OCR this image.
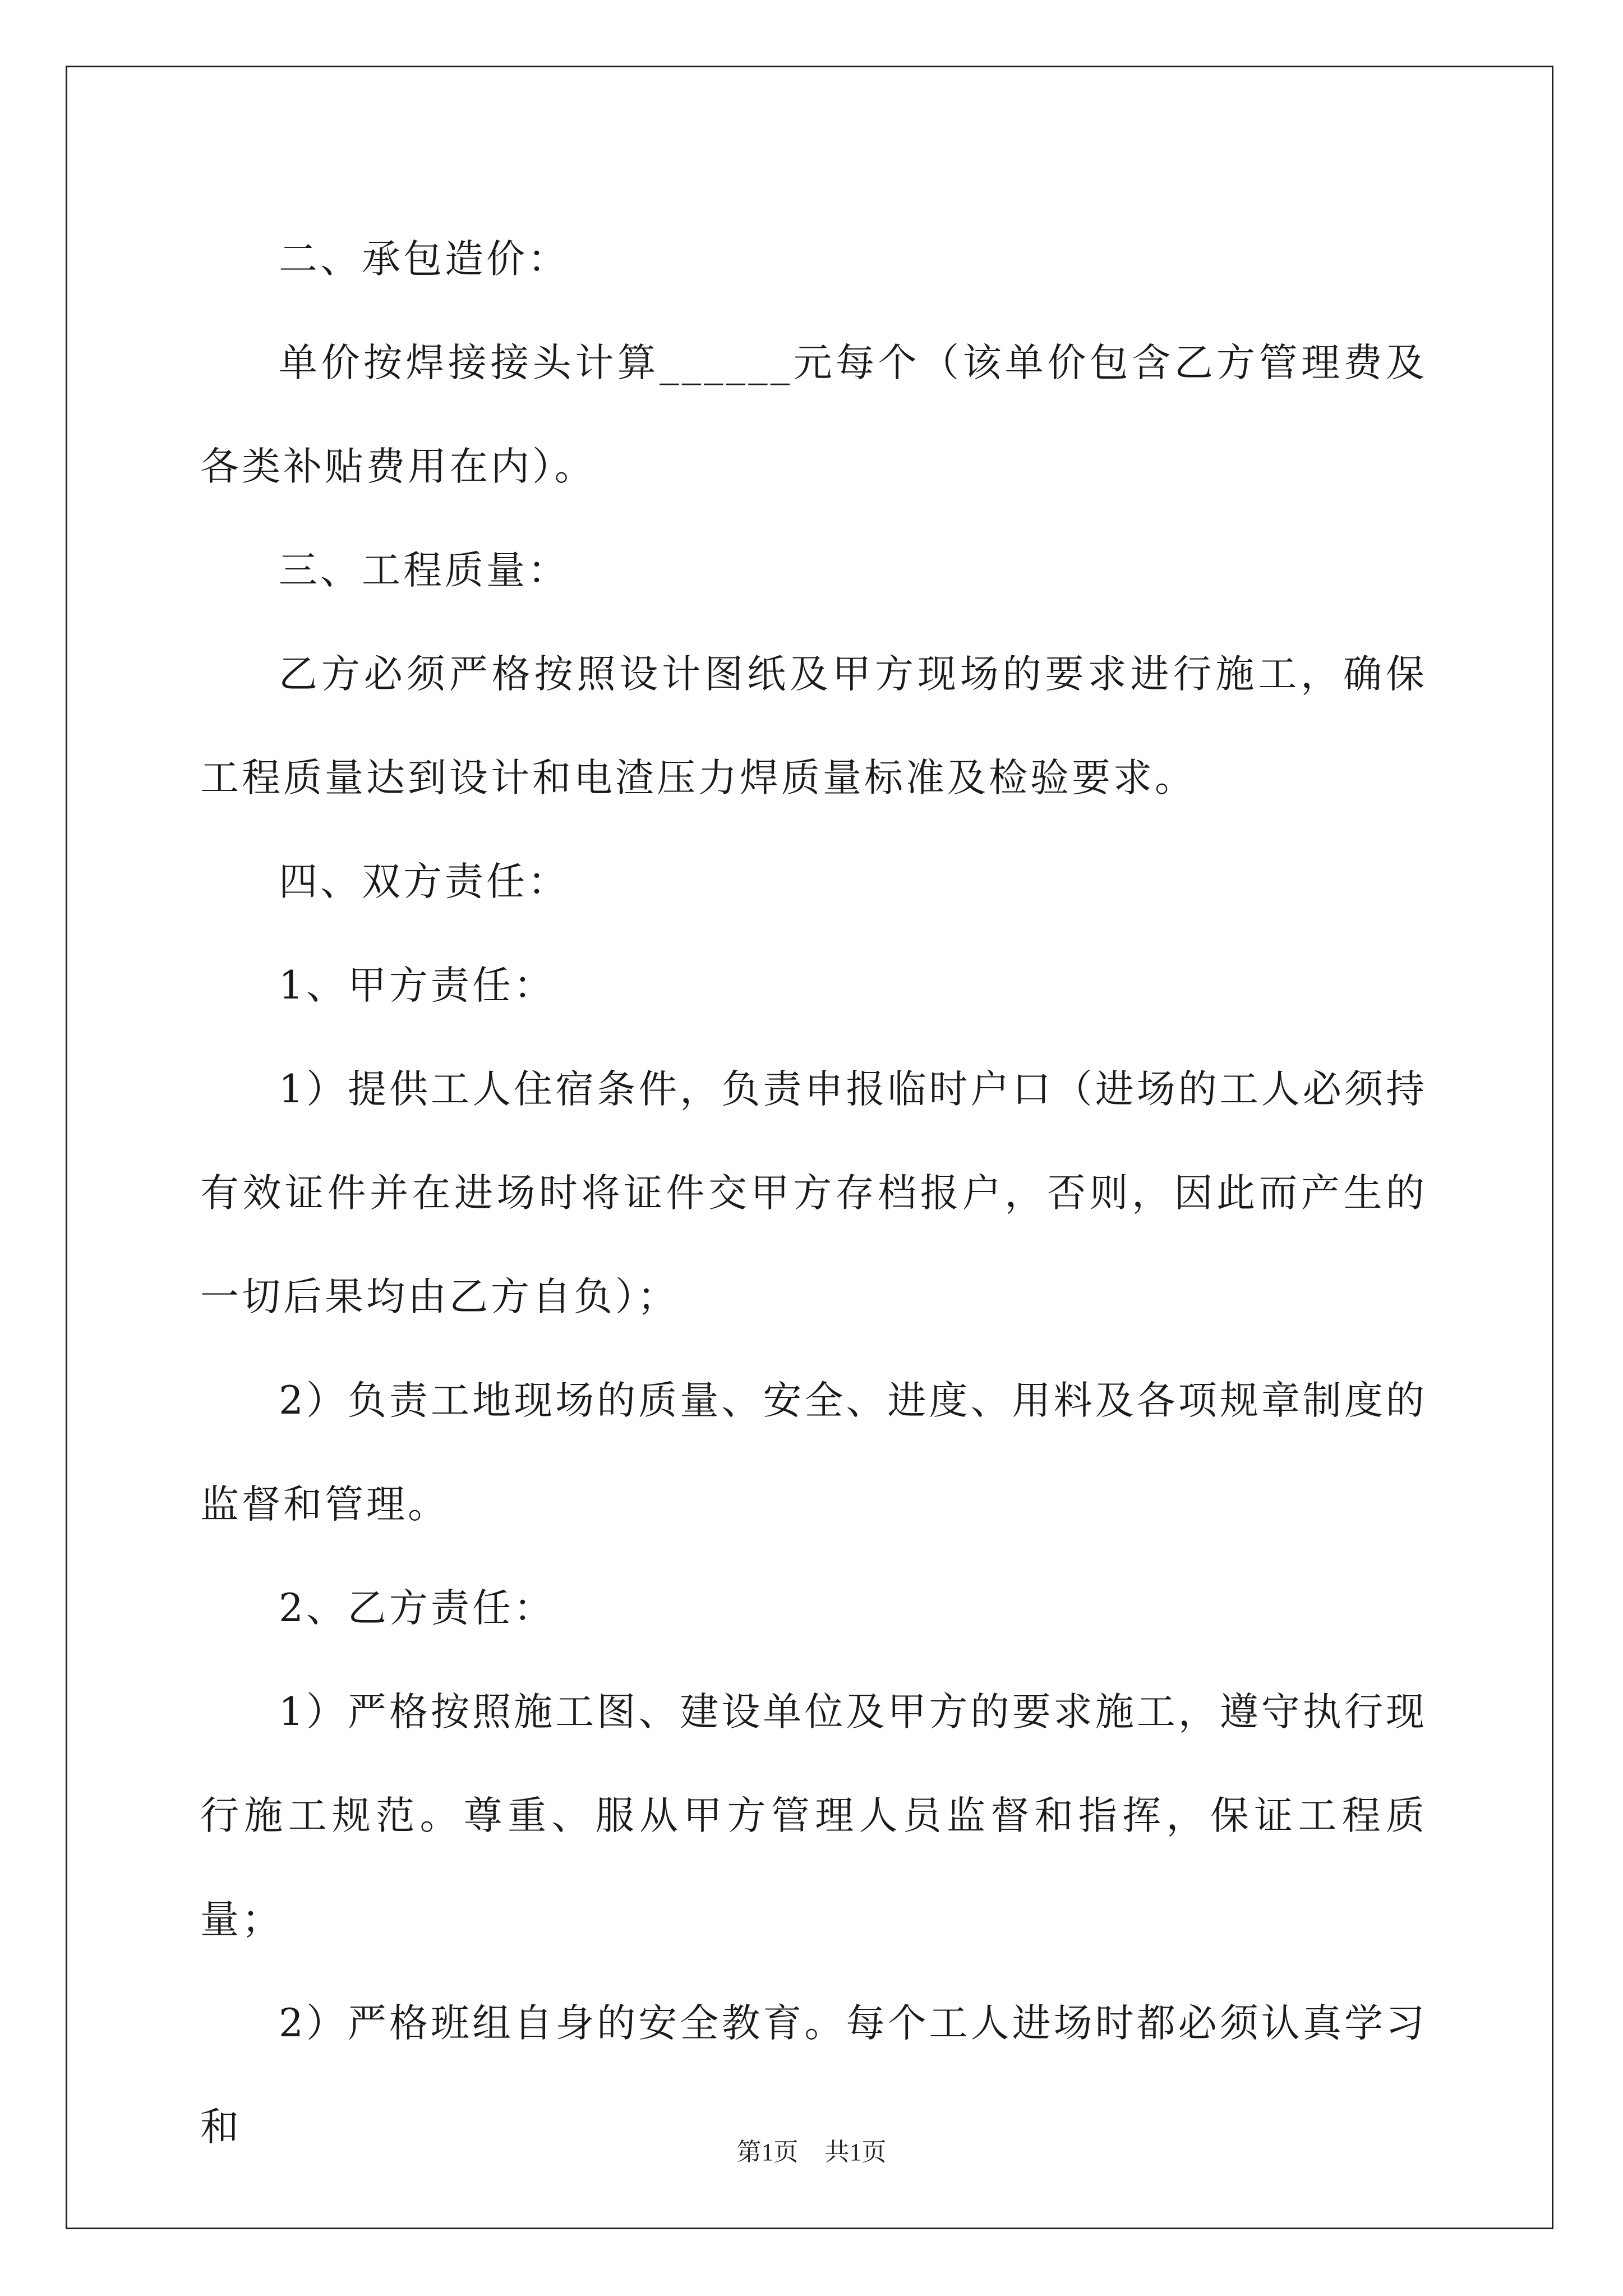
二、承包造价：

单价按焊接接头计算______元每个（该单价包含乙方管理费及各类补贴费用在内）。

三、工程质量：

乙方必须严格按照设计图纸及甲方现场的要求进行施工，确保工程质量达到设计和电渣压力焊质量标准及检验要求。

四、双方责任：

1、甲方责任：

1）提供工人住宿条件，负责申报临时户口（进场的工人必须持有效证件并在进场时将证件交甲方存档报户，否则，因此而产生的一切后果均由乙方自负）；

2）负责工地现场的质量、安全、进度、用料及各项规章制度的监督和管理。

2、乙方责任：

1）严格按照施工图、建设单位及甲方的要求施工，遵守执行现行施工规范。尊重、服从甲方管理人员监督和指挥，保证工程质量；

2）严格班组自身的安全教育。每个工人进场时都必须认真学习和

第1页 共1页
